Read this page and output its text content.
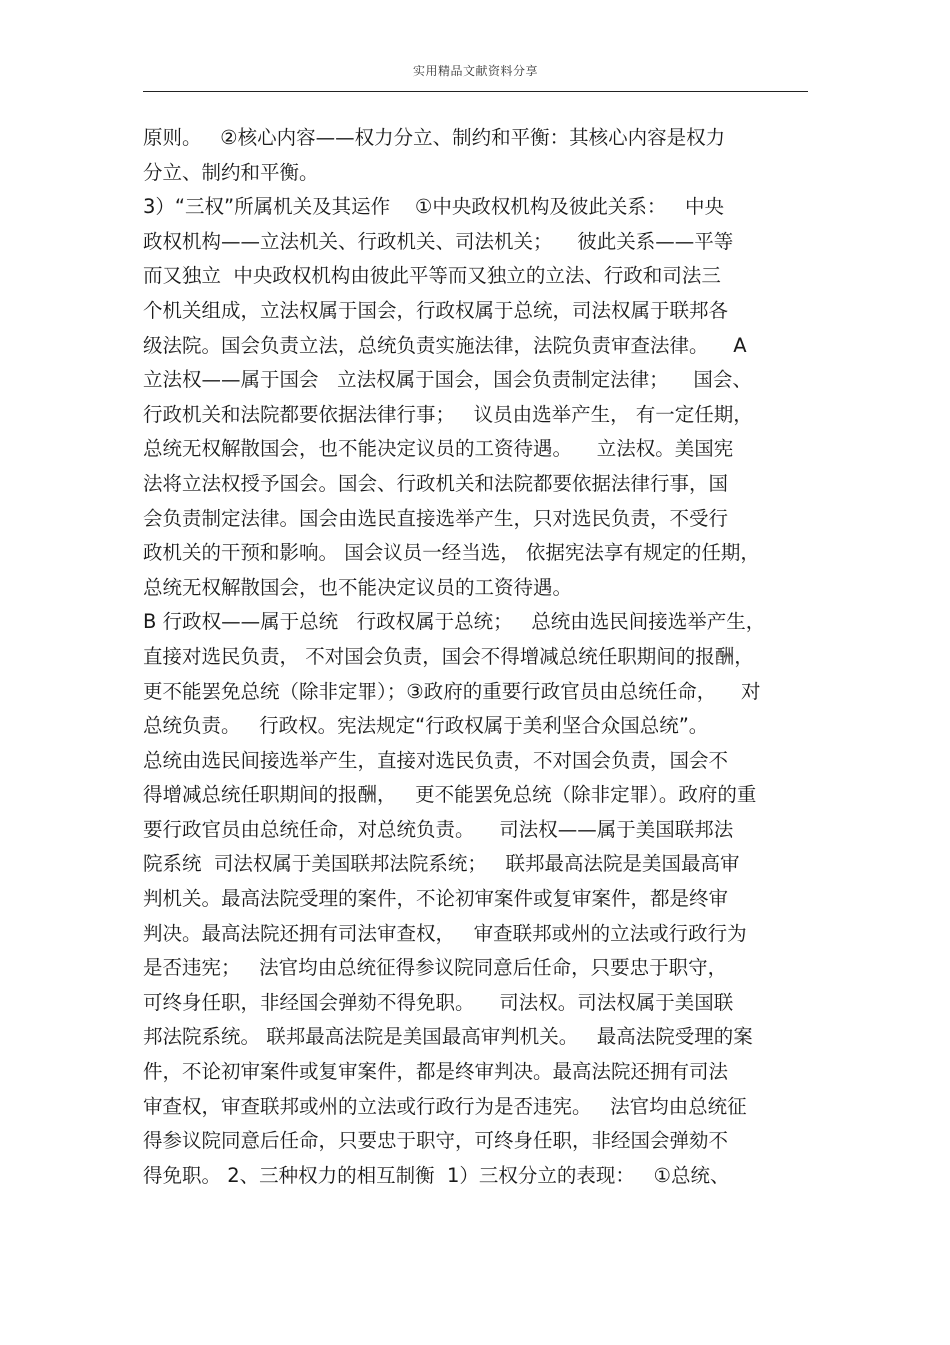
实用精品文献资料分享
原则。   ②核心内容——权力分立、制约和平衡：其核心内容是权力
分立、制约和平衡。
3）“三权”所属机关及其运作    ①中央政权机构及彼此关系：   中央
政权机构——立法机关、行政机关、司法机关；    彼此关系——平等
而又独立  中央政权机构由彼此平等而又独立的立法、行政和司法三
个机关组成，立法权属于国会，行政权属于总统，司法权属于联邦各
级法院。国会负责立法，总统负责实施法律，法院负责审查法律。    A
立法权——属于国会   立法权属于国会，国会负责制定法律；    国会、
行政机关和法院都要依据法律行事；   议员由选举产生， 有一定任期，
总统无权解散国会，也不能决定议员的工资待遇。    立法权。美国宪
法将立法权授予国会。国会、行政机关和法院都要依据法律行事，国
会负责制定法律。国会由选民直接选举产生，只对选民负责，不受行
政机关的干预和影响。 国会议员一经当选， 依据宪法享有规定的任期，
总统无权解散国会，也不能决定议员的工资待遇。
B 行政权——属于总统   行政权属于总统；   总统由选民间接选举产生，
直接对选民负责， 不对国会负责，国会不得增减总统任职期间的报酬，
更不能罢免总统（除非定罪）；③政府的重要行政官员由总统任命，    对
总统负责。   行政权。宪法规定“行政权属于美利坚合众国总统”。
总统由选民间接选举产生，直接对选民负责，不对国会负责，国会不
得增减总统任职期间的报酬，   更不能罢免总统（除非定罪）。政府的重
要行政官员由总统任命，对总统负责。    司法权——属于美国联邦法
院系统  司法权属于美国联邦法院系统；   联邦最高法院是美国最高审
判机关。最高法院受理的案件，不论初审案件或复审案件，都是终审
判决。最高法院还拥有司法审查权，   审查联邦或州的立法或行政行为
是否违宪；   法官均由总统征得参议院同意后任命，只要忠于职守，
可终身任职，非经国会弹劾不得免职。    司法权。司法权属于美国联
邦法院系统。 联邦最高法院是美国最高审判机关。   最高法院受理的案
件，不论初审案件或复审案件，都是终审判决。最高法院还拥有司法
审查权，审查联邦或州的立法或行政行为是否违宪。   法官均由总统征
得参议院同意后任命，只要忠于职守，可终身任职，非经国会弹劾不
得免职。 2、三种权力的相互制衡  1）三权分立的表现：   ①总统、
